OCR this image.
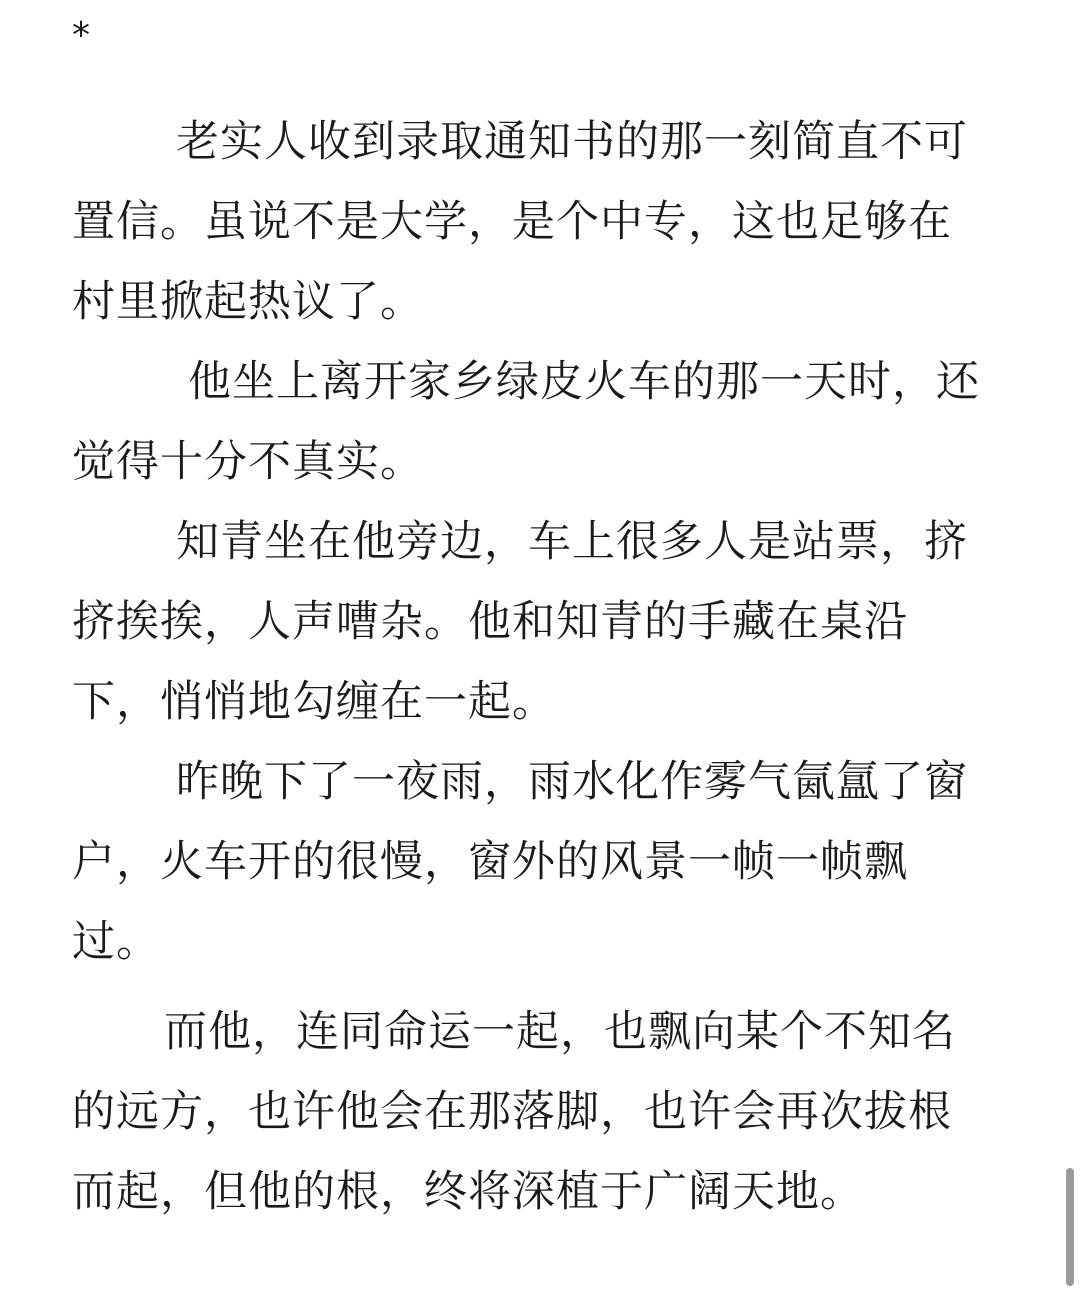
*

老实人收到录取通知书的那一刻简直不可置信。虽说不是大学，是个中专，这也足够在村里掀起热议了。

他坐上离开家乡绿皮火车的那一天时，还觉得十分不真实。

知青坐在他旁边，车上很多人是站票，挤挤挨挨，人声嘈杂。他和知青的手藏在桌沿下，悄悄地勾缠在一起。

昨晚下了一夜雨，雨水化作雾气氤氲了窗户，火车开的很慢，窗外的风景一帧一帧飘过。

而他，连同命运一起，也飘向某个不知名的远方，也许他会在那落脚，也许会再次拔根而起，但他的根，终将深植于广阔天地。
